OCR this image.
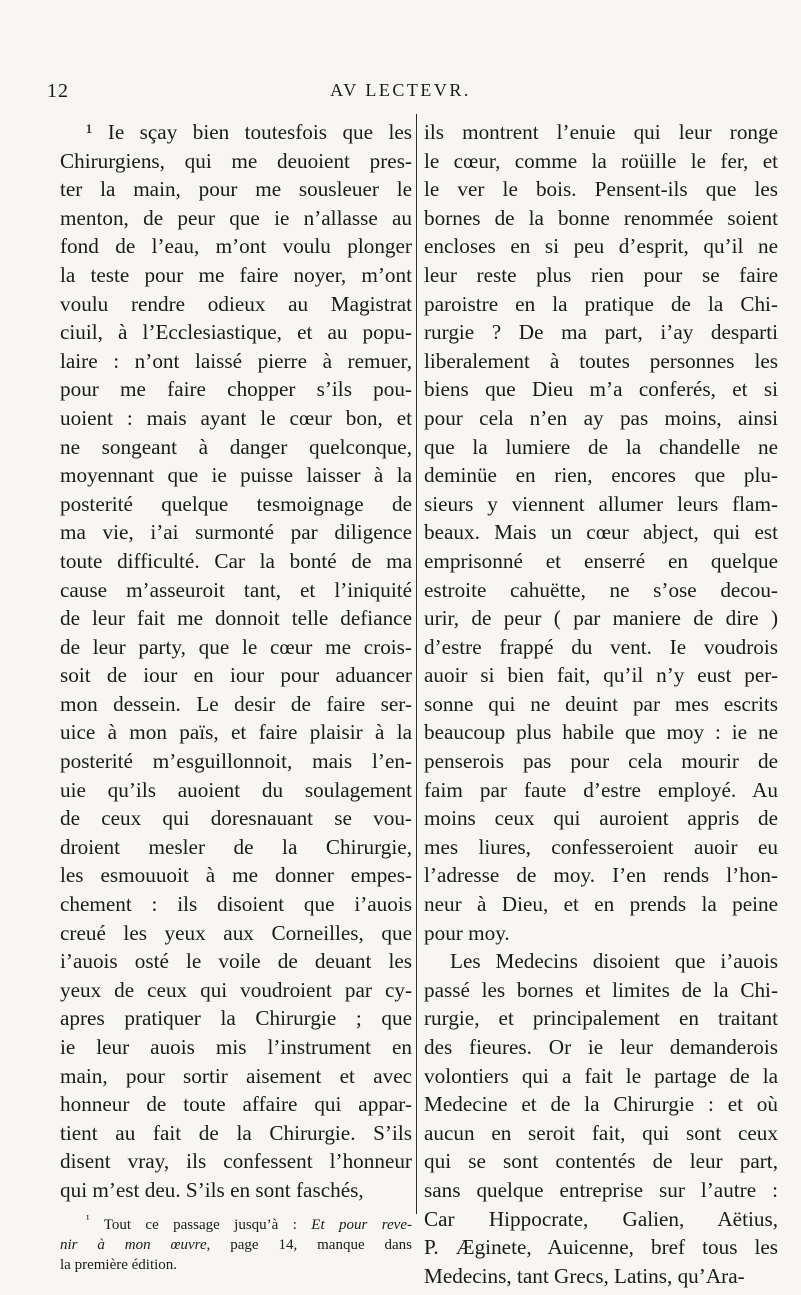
12	AV LECTEVR.
¹ Ie sçay bien toutesfois que les
Chirurgiens, qui me deuoient pres-
ter la main, pour me sousleuer le
menton, de peur que ie n’allasse au
fond de l’eau, m’ont voulu plonger
la teste pour me faire noyer, m’ont
voulu rendre odieux au Magistrat
ciuil, à l’Ecclesiastique, et au popu-
laire : n’ont laissé pierre à remuer,
pour me faire chopper s’ils pou-
uoient : mais ayant le cœur bon, et
ne songeant à danger quelconque,
moyennant que ie puisse laisser à la
posterité quelque tesmoignage de
ma vie, i’ai surmonté par diligence
toute difficulté. Car la bonté de ma
cause m’asseuroit tant, et l’iniquité
de leur fait me donnoit telle defiance
de leur party, que le cœur me crois-
soit de iour en iour pour aduancer
mon dessein. Le desir de faire ser-
uice à mon païs, et faire plaisir à la
posterité m’esguillonnoit, mais l’en-
uie qu’ils auoient du soulagement
de ceux qui doresnauant se vou-
droient mesler de la Chirurgie,
les esmouuoit à me donner empes-
chement : ils disoient que i’auois
creué les yeux aux Corneilles, que
i’auois osté le voile de deuant les
yeux de ceux qui voudroient par cy-
apres pratiquer la Chirurgie ; que
ie leur auois mis l’instrument en
main, pour sortir aisement et avec
honneur de toute affaire qui appar-
tient au fait de la Chirurgie. S’ils
disent vray, ils confessent l’honneur
qui m’est deu. S’ils en sont faschés,
$^{^1}$ Tout ce passage jusqu’à : Et pour reve-
nir à mon œuvre, page 14, manque dans
la première édition.
ils montrent l’enuie qui leur ronge
le cœur, comme la roüille le fer, et
le ver le bois. Pensent-ils que les
bornes de la bonne renommée soient
encloses en si peu d’esprit, qu’il ne
leur reste plus rien pour se faire
paroistre en la pratique de la Chi-
rurgie ? De ma part, i’ay desparti
liberalement à toutes personnes les
biens que Dieu m’a conferés, et si
pour cela n’en ay pas moins, ainsi
que la lumiere de la chandelle ne
deminüe en rien, encores que plu-
sieurs y viennent allumer leurs flam-
beaux. Mais un cœur abject, qui est
emprisonné et enserré en quelque
estroite cahuëtte, ne s’ose decou-
urir, de peur ( par maniere de dire )
d’estre frappé du vent. Ie voudrois
auoir si bien fait, qu’il n’y eust per-
sonne qui ne deuint par mes escrits
beaucoup plus habile que moy : ie ne
penserois pas pour cela mourir de
faim par faute d’estre employé. Au
moins ceux qui auroient appris de
mes liures, confesseroient auoir eu
l’adresse de moy. I’en rends l’hon-
neur à Dieu, et en prends la peine
pour moy.
Les Medecins disoient que i’auois
passé les bornes et limites de la Chi-
rurgie, et principalement en traitant
des fieures. Or ie leur demanderois
volontiers qui a fait le partage de la
Medecine et de la Chirurgie : et où
aucun en seroit fait, qui sont ceux
qui se sont contentés de leur part,
sans quelque entreprise sur l’autre :
Car Hippocrate, Galien, Aëtius,
P. Æginete, Auicenne, bref tous les
Medecins, tant Grecs, Latins, qu’Ara-
